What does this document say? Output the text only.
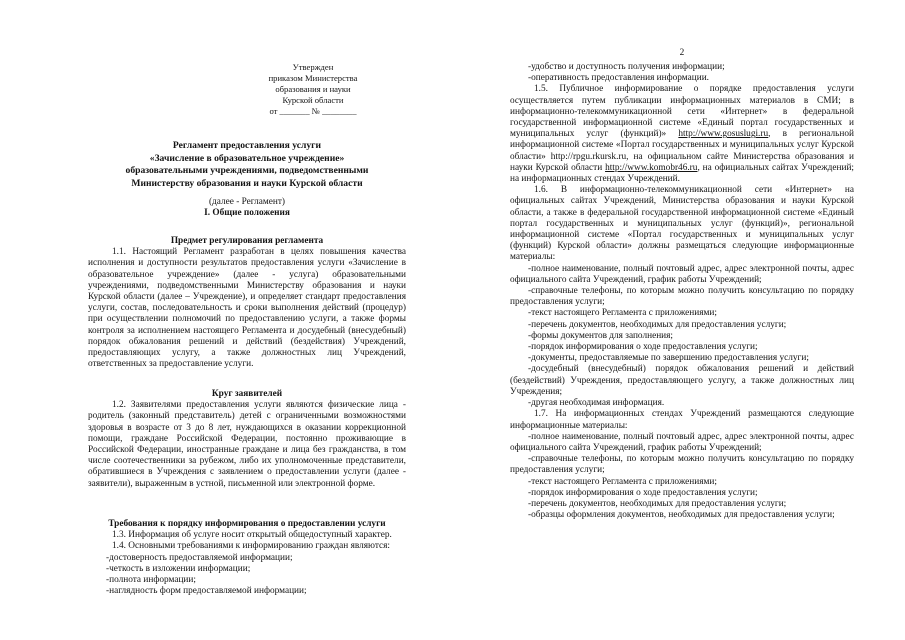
Утвержден
приказом Министерства
образования и науки
Курской области
от _______ № ________
Регламент предоставления услуги
«Зачисление в образовательное учреждение»
образовательными учреждениями, подведомственными
Министерству образования и науки Курской области

(далее - Регламент)

I. Общие положения

Предмет регулирования регламента

1.1. Настоящий Регламент разработан в целях повышения качества исполнения и доступности результатов предоставления услуги «Зачисление в образовательное учреждение» (далее - услуга) образовательными учреждениями, подведомственными Министерству образования и науки Курской области (далее – Учреждение), и определяет стандарт предоставления услуги, состав, последовательность и сроки выполнения действий (процедур) при осуществлении полномочий по предоставлению услуги, а также формы контроля за исполнением настоящего Регламента и досудебный (внесудебный) порядок обжалования решений и действий (бездействия) Учреждений, предоставляющих услугу, а также должностных лиц Учреждений, ответственных за предоставление услуги.

Круг заявителей

1.2. Заявителями предоставления услуги являются физические лица - родитель (законный представитель) детей с ограниченными возможностями здоровья в возрасте от 3 до 8 лет, нуждающихся в оказании коррекционной помощи, граждане Российской Федерации, постоянно проживающие в Российской Федерации, иностранные граждане и лица без гражданства, в том числе соотечественники за рубежом, либо их уполномоченные представители, обратившиеся в Учреждения с заявлением о предоставлении услуги (далее - заявители), выраженным в устной, письменной или электронной форме.

Требования к порядку информирования о предоставлении услуги

1.3. Информация об услуге носит открытый общедоступный характер.

1.4. Основными требованиями к информированию граждан являются:

-достоверность предоставляемой информации;

-четкость в изложении информации;

-полнота информации;

-наглядность форм предоставляемой информации;

2

-удобство и доступность получения информации;

-оперативность предоставления информации.

1.5. Публичное информирование о порядке предоставления услуги осуществляется путем публикации информационных материалов в СМИ; в информационно-телекоммуникационной сети «Интернет» в федеральной государственной информационной системе «Единый портал государственных и муниципальных услуг (функций)» http://www.gosuslugi.ru, в региональной информационной системе «Портал государственных и муниципальных услуг Курской области» http://rpgu.rkursk.ru, на официальном сайте Министерства образования и науки Курской области http://www.komobr46.ru, на официальных сайтах Учреждений; на информационных стендах Учреждений.

1.6. В информационно-телекоммуникационной сети «Интернет» на официальных сайтах Учреждений, Министерства образования и науки Курской области, а также в федеральной государственной информационной системе «Единый портал государственных и муниципальных услуг (функций)», региональной информационной системе «Портал государственных и муниципальных услуг (функций) Курской области» должны размещаться следующие информационные материалы:

-полное наименование, полный почтовый адрес, адрес электронной почты, адрес официального сайта Учреждений, график работы Учреждений;

-справочные телефоны, по которым можно получить консультацию по порядку предоставления услуги;

-текст настоящего Регламента с приложениями;

-перечень документов, необходимых для предоставления услуги;

-формы документов для заполнения;

-порядок информирования о ходе предоставления услуги;

-документы, предоставляемые по завершению предоставления услуги;

-досудебный (внесудебный) порядок обжалования решений и действий (бездействий) Учреждения, предоставляющего услугу, а также должностных лиц Учреждения;

-другая необходимая информация.

1.7. На информационных стендах Учреждений размещаются следующие информационные материалы:

-полное наименование, полный почтовый адрес, адрес электронной почты, адрес официального сайта Учреждений, график работы Учреждений;

-справочные телефоны, по которым можно получить консультацию по порядку предоставления услуги;

-текст настоящего Регламента с приложениями;

-порядок информирования о ходе предоставления услуги;

-перечень документов, необходимых для предоставления услуги;

-образцы оформления документов, необходимых для предоставления услуги;
